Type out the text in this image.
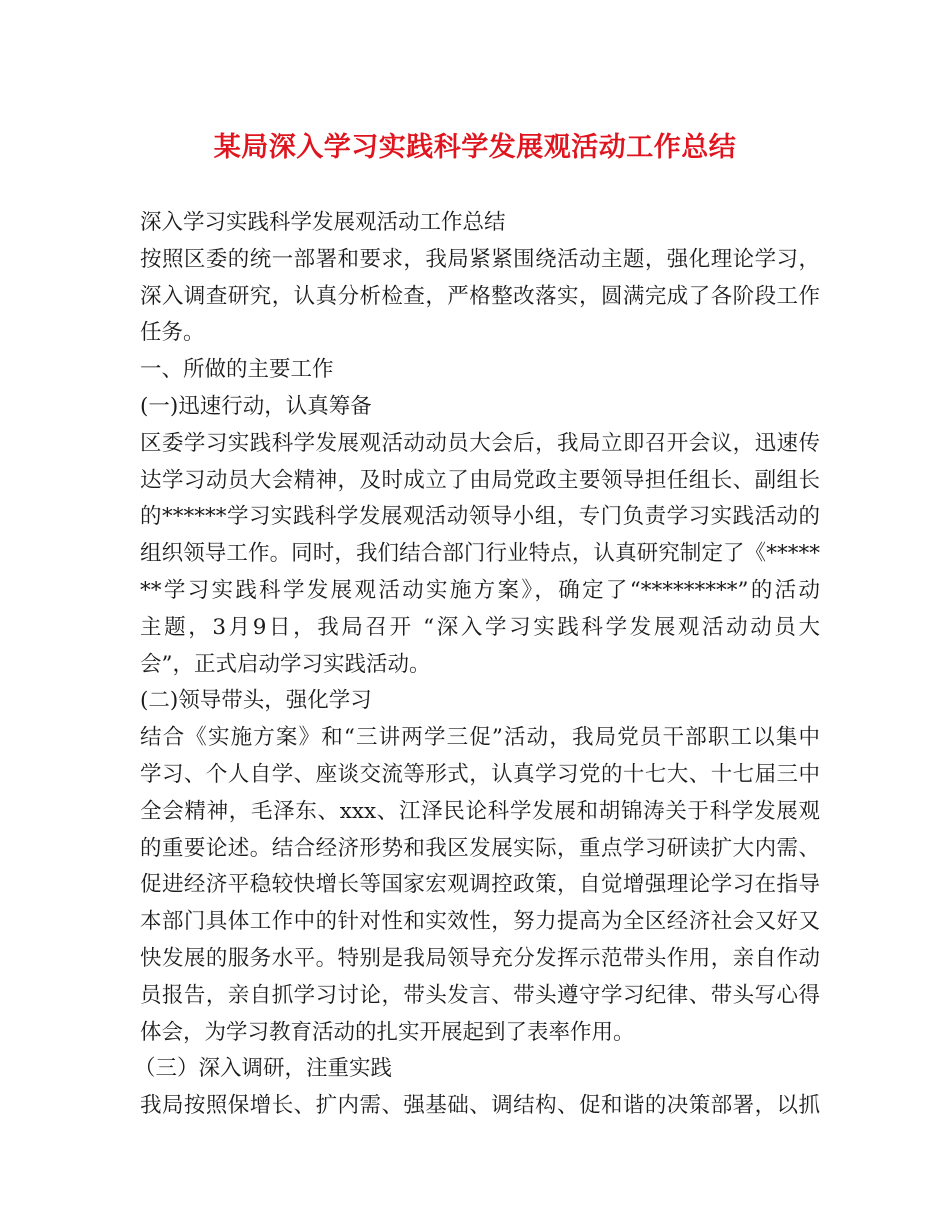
某局深入学习实践科学发展观活动工作总结
深入学习实践科学发展观活动工作总结
按照区委的统一部署和要求，我局紧紧围绕活动主题，强化理论学习，
深入调查研究，认真分析检查，严格整改落实，圆满完成了各阶段工作
任务。
一、所做的主要工作
(一)迅速行动，认真筹备
区委学习实践科学发展观活动动员大会后，我局立即召开会议，迅速传
达学习动员大会精神，及时成立了由局党政主要领导担任组长、副组长
的******学习实践科学发展观活动领导小组，专门负责学习实践活动的
组织领导工作。同时，我们结合部门行业特点，认真研究制定了《*****
**学习实践科学发展观活动实施方案》，确定了“*********”的活动
主题，3月9日，我局召开 “深入学习实践科学发展观活动动员大
会”，正式启动学习实践活动。
(二)领导带头，强化学习
结合《实施方案》和“三讲两学三促”活动，我局党员干部职工以集中
学习、个人自学、座谈交流等形式，认真学习党的十七大、十七届三中
全会精神，毛泽东、xxx、江泽民论科学发展和胡锦涛关于科学发展观
的重要论述。结合经济形势和我区发展实际，重点学习研读扩大内需、
促进经济平稳较快增长等国家宏观调控政策，自觉增强理论学习在指导
本部门具体工作中的针对性和实效性，努力提高为全区经济社会又好又
快发展的服务水平。特别是我局领导充分发挥示范带头作用，亲自作动
员报告，亲自抓学习讨论，带头发言、带头遵守学习纪律、带头写心得
体会，为学习教育活动的扎实开展起到了表率作用。
（三）深入调研，注重实践
我局按照保增长、扩内需、强基础、调结构、促和谐的决策部署，以抓
